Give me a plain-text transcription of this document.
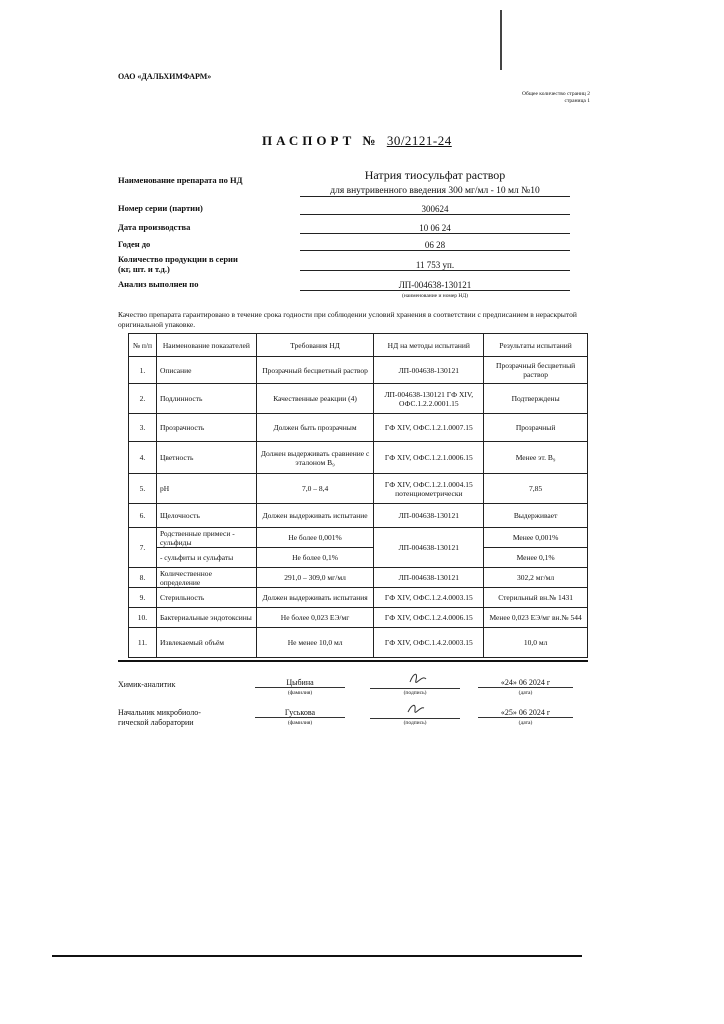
ОАО «ДАЛЬХИМФАРМ»
Общее количество страниц 2
страница 1
ПАСПОРТ № 30/2121-24
Наименование препарата по НД	Натрия тиосульфат раствор
для внутривенного введения 300 мг/мл - 10 мл №10
Номер серии (партии)	300624
Дата производства	10 06 24
Годен до	06 28
Количество продукции в серии
(кг, шт. и т.д.)	11 753 уп.
Анализ выполнен по	ЛП-004638-130121
(наименование и номер НД)
Качество препарата гарантировано в течение срока годности при соблюдении условий хранения в соответствии с предписанием в нераскрытой оригинальной упаковке.
№ п/п	Наименование показателей	Требования НД	НД на методы испытаний	Результаты испытаний
1.	Описание	Прозрачный бесцветный раствор	ЛП-004638-130121	Прозрачный бесцветный раствор
2.	Подлинность	Качественные реакции (4)	ЛП-004638-130121 ГФ XIV, ОФС.1.2.2.0001.15	Подтверждены
3.	Прозрачность	Должен быть прозрачным	ГФ XIV, ОФС.1.2.1.0007.15	Прозрачный
4.	Цветность	Должен выдерживать сравнение с эталоном B₉	ГФ XIV, ОФС.1.2.1.0006.15	Менее эт. B₉
5.	pH	7,0 – 8,4	ГФ XIV, ОФС.1.2.1.0004.15 потенциометрически	7,85
6.	Щелочность	Должен выдерживать испытание	ЛП-004638-130121	Выдерживает
7.	Родственные примеси - сульфиды	Не более 0,001%	ЛП-004638-130121	Менее 0,001%
	- сульфиты и сульфаты	Не более 0,1%		Менее 0,1%
8.	Количественное определение	291,0 – 309,0 мг/мл	ЛП-004638-130121	302,2 мг/мл
9.	Стерильность	Должен выдерживать испытания	ГФ XIV, ОФС.1.2.4.0003.15	Стерильный вн.№ 1431
10.	Бактериальные эндотоксины	Не более 0,023 ЕЭ/мг	ГФ XIV, ОФС.1.2.4.0006.15	Менее 0,023 ЕЭ/мг вн.№ 544
11.	Извлекаемый объём	Не менее 10,0 мл	ГФ XIV, ОФС.1.4.2.0003.15	10,0 мл
Химик-аналитик	Цыбина
(фамилия)	(подпись)
«24» 06 2024 г
(дата)
Начальник микробиоло-
гической лаборатории
Гуськова
(фамилия)	(подпись)
«25» 06 2024 г
(дата)
